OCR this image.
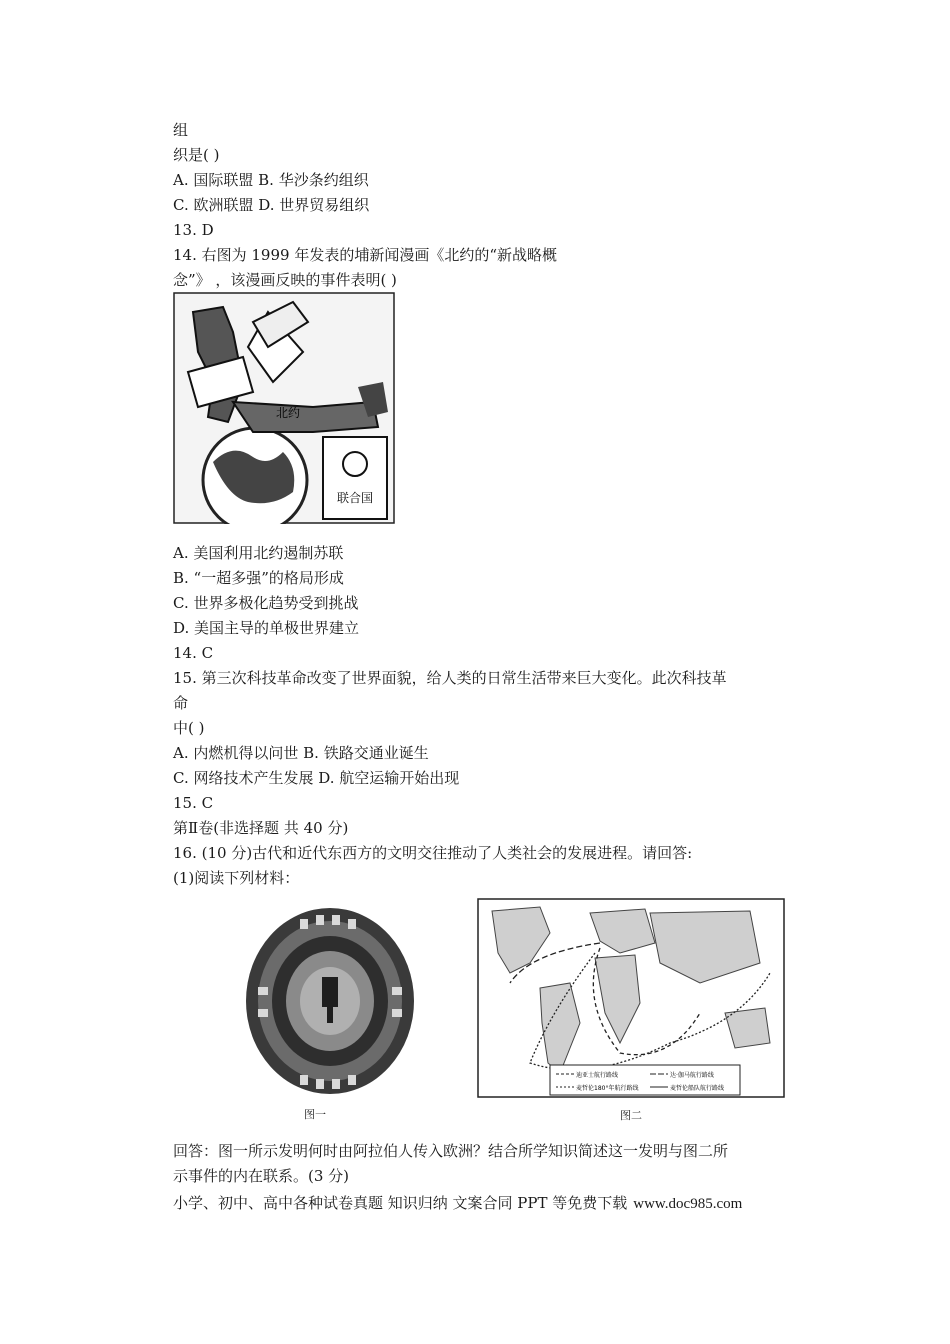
组
织是( )
A. 国际联盟 B. 华沙条约组织
C. 欧洲联盟 D. 世界贸易组织
13. D
14. 右图为 1999 年发表的埔新闻漫画《北约的“新战略概
念”》 ，该漫画反映的事件表明( )
联合国
北约
A. 美国利用北约遏制苏联
B. “一超多强”的格局形成
C. 世界多极化趋势受到挑战
D. 美国主导的单极世界建立
14. C
15. 第三次科技革命改变了世界面貌，给人类的日常生活带来巨大变化。此次科技革
命
中( )
A. 内燃机得以问世 B. 铁路交通业诞生
C. 网络技术产生发展 D. 航空运输开始出现
15. C
第Ⅱ卷(非选择题 共 40 分)
16. (10 分)古代和近代东西方的文明交往推动了人类社会的发展进程。请回答:
(1)阅读下列材料：
图一
迪亚士航行路线	达·伽马航行路线
麦哲伦180°年航行路线	麦哲伦船队航行路线
图二
回答：图一所示发明何时由阿拉伯人传入欧洲？结合所学知识简述这一发明与图二所
示事件的内在联系。(3 分)
小学、初中、高中各种试卷真题 知识归纳 文案合同 PPT 等免费下载 www.doc985.com
